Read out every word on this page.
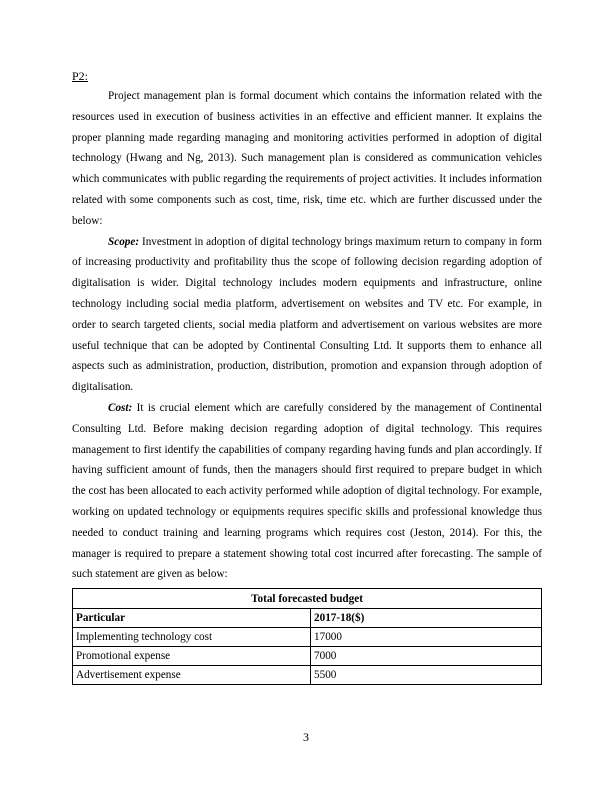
P2:

Project management plan is formal document which contains the information related with the resources used in execution of business activities in an effective and efficient manner. It explains the proper planning made regarding managing and monitoring activities performed in adoption of digital technology (Hwang and Ng, 2013). Such management plan is considered as communication vehicles which communicates with public regarding the requirements of project activities. It includes information related with some components such as cost, time, risk, time etc. which are further discussed under the below:

Scope: Investment in adoption of digital technology brings maximum return to company in form of increasing productivity and profitability thus the scope of following decision regarding adoption of digitalisation is wider. Digital technology includes modern equipments and infrastructure, online technology including social media platform, advertisement on websites and TV etc. For example, in order to search targeted clients, social media platform and advertisement on various websites are more useful technique that can be adopted by Continental Consulting Ltd. It supports them to enhance all aspects such as administration, production, distribution, promotion and expansion through adoption of digitalisation.

Cost: It is crucial element which are carefully considered by the management of Continental Consulting Ltd. Before making decision regarding adoption of digital technology. This requires management to first identify the capabilities of company regarding having funds and plan accordingly. If having sufficient amount of funds, then the managers should first required to prepare budget in which the cost has been allocated to each activity performed while adoption of digital technology. For example, working on updated technology or equipments requires specific skills and professional knowledge thus needed to conduct training and learning programs which requires cost (Jeston, 2014). For this, the manager is required to prepare a statement showing total cost incurred after forecasting. The sample of such statement are given as below:

Total forecasted budget	
Particular	2017-18($)
Implementing technology cost	17000
Promotional expense	7000
Advertisement expense	5500
3
